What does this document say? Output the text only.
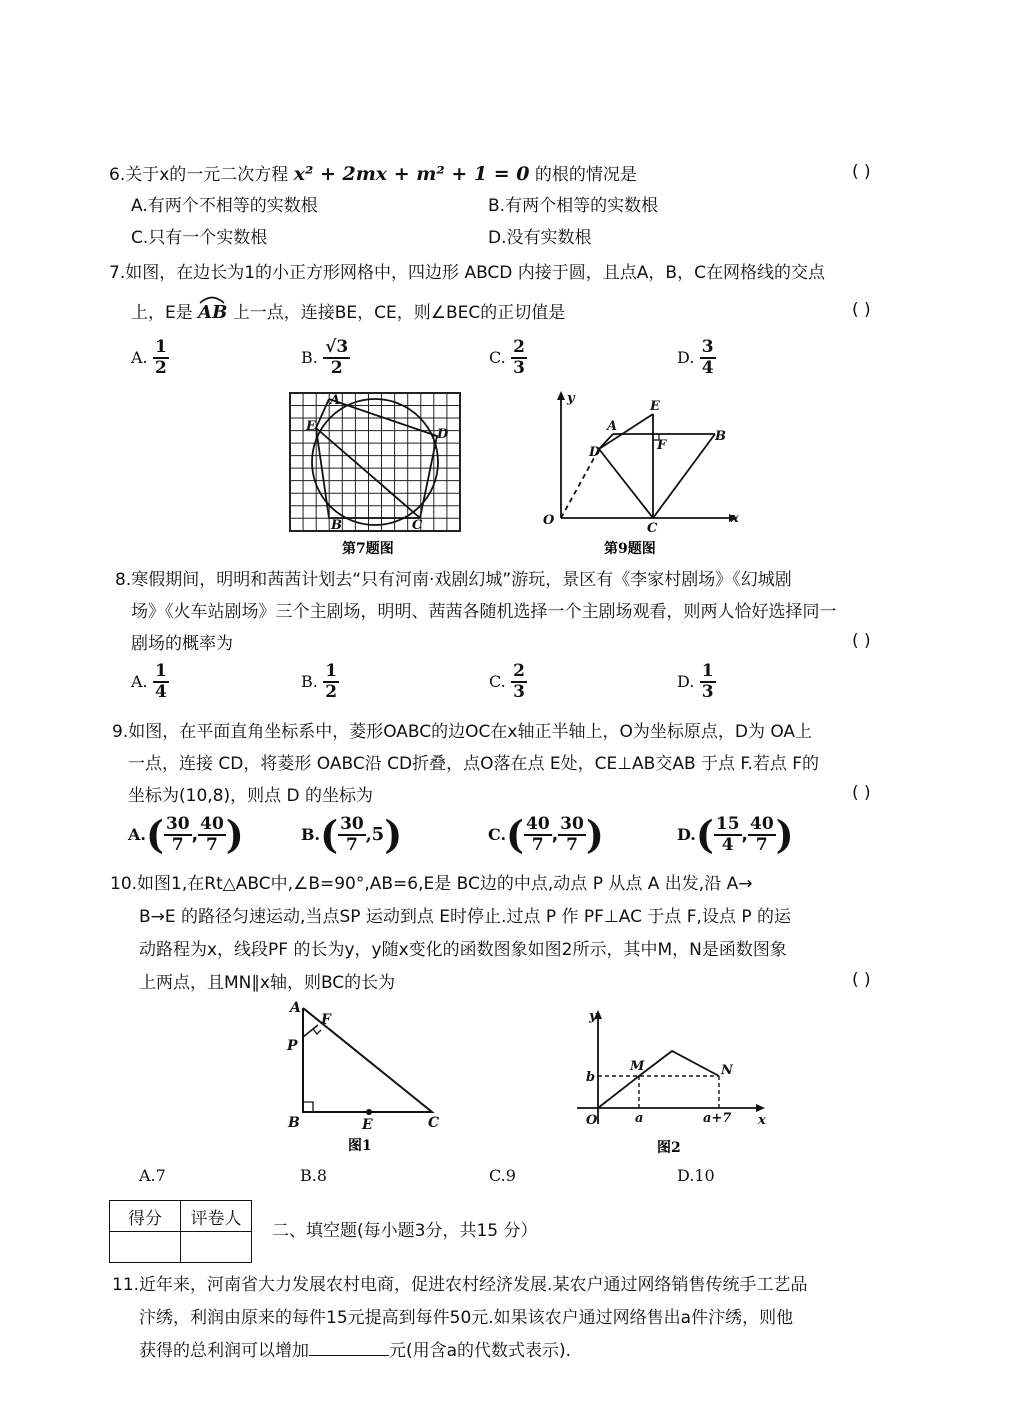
6.关于x的一元二次方程 x² + 2mx + m² + 1 = 0 的根的情况是	( )
A.有两个不相等的实数根	B.有两个相等的实数根
C.只有一个实数根	D.没有实数根
7.如图，在边长为1的小正方形网格中，四边形 ABCD 内接于圆，且点A，B，C在网格线的交点
上，E是 AB 上一点，连接BE，CE，则∠BEC的正切值是	( )
A. $\frac{1}{2}$	B. $\frac{√3}{2}$	C. $\frac{2}{3}$	D. $\frac{3}{4}$
A
E
D
B	C
第7题图
y
x
O
A
E
B
D	F
C
第9题图
8.寒假期间，明明和茜茜计划去“只有河南·戏剧幻城”游玩，景区有《李家村剧场》《幻城剧
场》《火车站剧场》三个主剧场，明明、茜茜各随机选择一个主剧场观看，则两人恰好选择同一
剧场的概率为	( )
A. $\frac{1}{4}$	B. $\frac{1}{2}$	C. $\frac{2}{3}$	D. $\frac{1}{3}$
9.如图，在平面直角坐标系中，菱形OABC的边OC在x轴正半轴上，O为坐标原点，D为 OA上
一点，连接 CD，将菱形 OABC沿 CD折叠，点O落在点 E处，CE⊥AB交AB 于点 F.若点 F的
坐标为(10,8)，则点 D 的坐标为	( )
$A.( \frac{30}{7}$ , $\frac{40}{7}$ )	$B.( \frac{30}{7} ,5)$	$C.( \frac{40}{7}$ , $\frac{30}{7}$ )	$D.( \frac{15}{4}$ , $\frac{40}{7}$ )
10.如图1,在Rt△ABC中,∠B=90°,AB=6,E是 BC边的中点,动点 P 从点 A 出发,沿 A→
B→E 的路径匀速运动,当点SP 运动到点 E时停止.过点 P 作 PF⊥AC 于点 F,设点 P 的运
动路程为x，线段PF 的长为y，y随x变化的函数图象如图2所示，其中M，N是函数图象
上两点，且MN∥x轴，则BC的长为	( )
A
F
P
B	E	C
图1
y
b
M	N
O	a	a+7 x
图2
A.7	B.8	C.9	D.10
得分	评卷人

二、填空题(每小题3分，共15 分）
11.近年来，河南省大力发展农村电商，促进农村经济发展.某农户通过网络销售传统手工艺品
汴绣，利润由原来的每件15元提高到每件50元.如果该农户通过网络售出a件汴绣，则他
获得的总利润可以增加	元(用含a的代数式表示).
